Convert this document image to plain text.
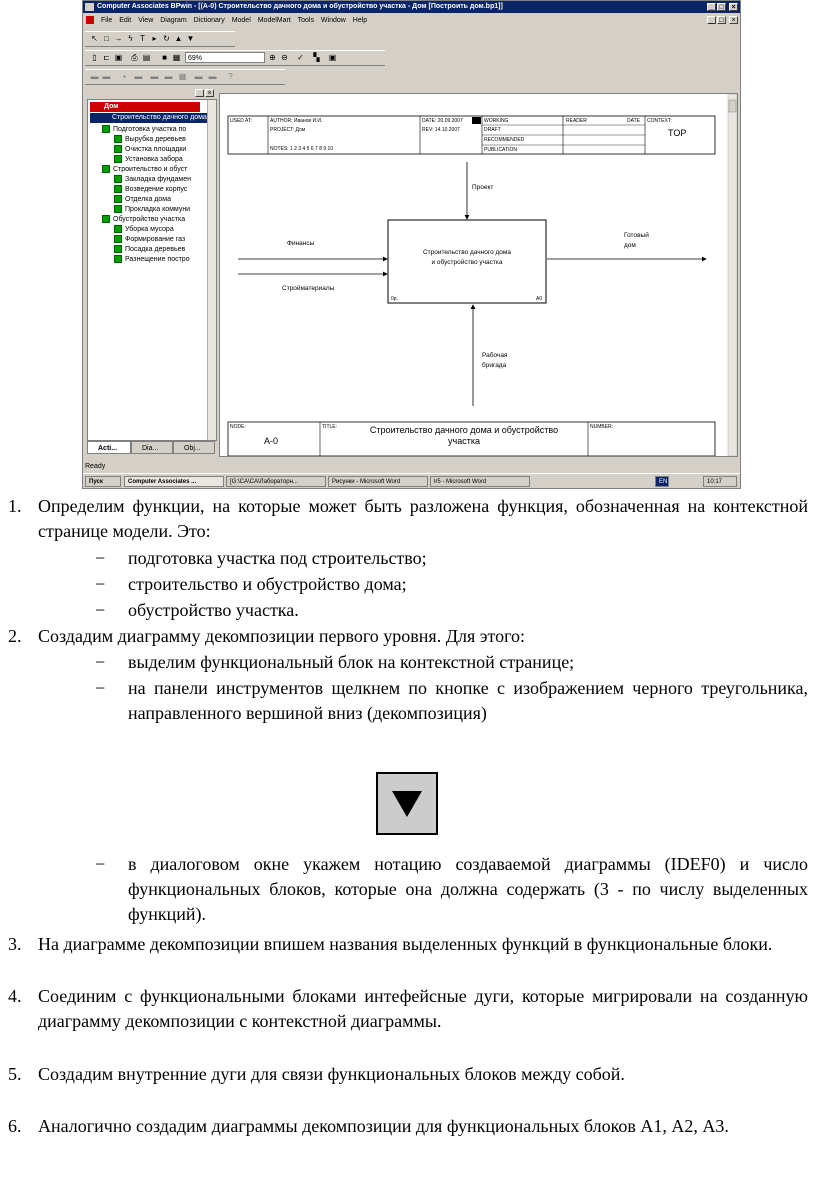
Computer Associates BPwin - [(A-0) Строительство дачного дома и обустройство участка - Дом [Построить дом.bp1]]	_ □	×
File Edit View Diagram Dictionary Model ModelMart Tools Window Help	_ □	×
↖ □ → ϟ T ▸ ↻ ▲ ▼
▯ ⊏ ▣ ⎙ ▤	■ ▦	69%	⊕ ⊖ ✓	▚	▣
▬ ▬	▪	▬ ▬ ▬ ▦ ▬ ▬	?
×
Дом
Строительство дачного дома
Подготовка участка по
Вырубка деревьев
Очистка площадки
Установка забора
Строительство и обуст
Закладка фундамен
Возведение корпус
Отделка дома
Прокладка коммуни
Обустройство участка
Уборка мусора
Формирование газ
Посадка деревьев
Разнещение постро
Acti...	Dia...	Obj...
USED AT:	AUTHOR: Иванов И.И.
PROJECT: Дом
NOTES: 1 2 3 4 5 6 7 8 9 10
DATE: 20.09.2007
REV: 14.10.2007
WORKING
DRAFT
RECOMMENDED
PUBLICATION
READER	DATE CONTEXT:
TOP
Строительство дачного дома
и обустройство участка
0р.	A0
Проект
Финансы
Стройматериалы
Готовый
дом
Рабочая
бригада
NODE:
A-0
TITLE:	Строительство дачного дома и обустройство
участка
NUMBER:
Ready
Пуск	Computer Associates ...	[G:\CA\CA\Лабораторн...	Рисунки - Microsoft Word	lr5 - Microsoft Word	EN	10:17
1. Определим функции, на которые может быть разложена функция, обозначенная на контекстной странице модели. Это:
− подготовка участка под строительство;
− строительство и обустройство дома;
− обустройство участка.
2. Создадим диаграмму декомпозиции первого уровня. Для этого:
− выделим функциональный блок на контекстной странице;
− на панели инструментов щелкнем по кнопке с изображением черного треугольника, направленного вершиной вниз (декомпозиция)
− в диалоговом окне укажем нотацию создаваемой диаграммы (IDEF0) и число функциональных блоков, которые она должна содержать (3 - по числу выделенных функций).
3. На диаграмме декомпозиции впишем названия выделенных функций в функциональные блоки.
4. Соединим с функциональными блоками интефейсные дуги, которые мигрировали на созданную диаграмму декомпозиции с контекстной диаграммы.
5. Создадим внутренние дуги для связи функциональных блоков между собой.
6. Аналогично создадим диаграммы декомпозиции для функциональных блоков А1, А2, А3.
